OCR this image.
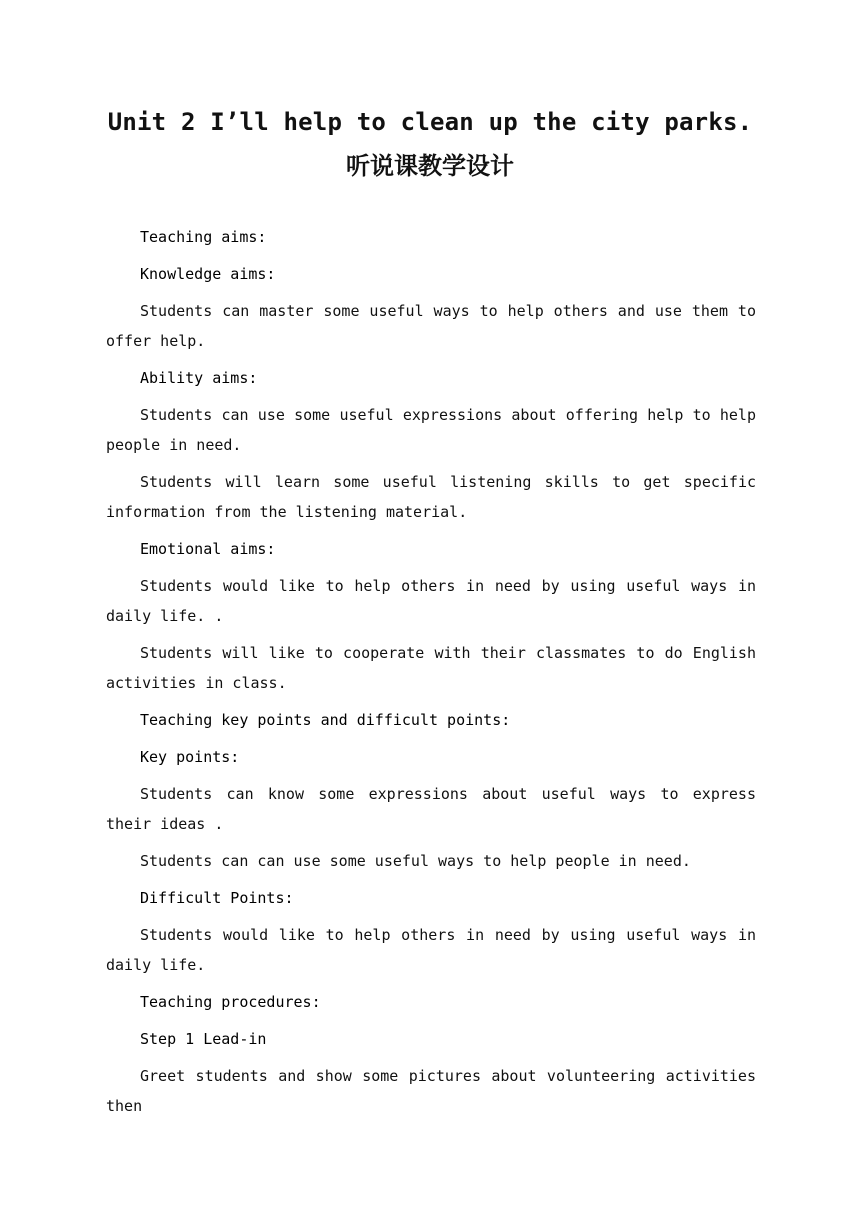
Unit 2 I’ll help to clean up the city parks.
听说课教学设计

Teaching aims:

Knowledge aims:

Students can master some useful ways to help others and use them to offer help.

Ability aims:

Students can use some useful expressions about offering help to help people in need.

Students will learn some useful listening skills to get specific information from the listening material.

Emotional aims:

Students would like to help others in need by using useful ways in daily life. .

Students will like to cooperate with their classmates to do English activities in class.

Teaching key points and difficult points:

Key points:

Students can know some expressions about useful ways to express their ideas .

Students can can use some useful ways to help people in need.

Difficult Points:

Students would like to help others in need by using useful ways in daily life.

Teaching procedures:

Step 1 Lead-in

Greet students and show some pictures about volunteering activities then
